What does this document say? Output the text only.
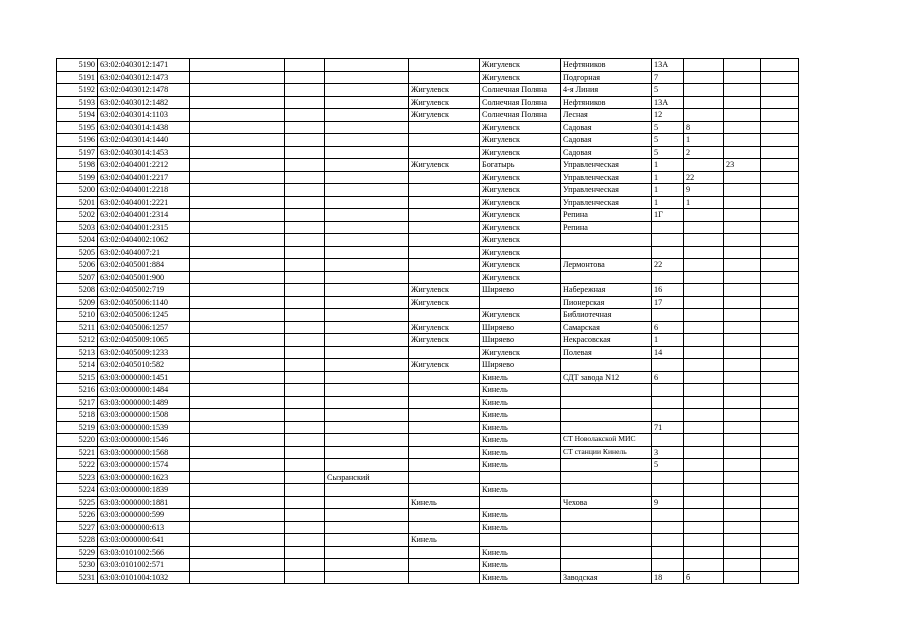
5190	63:02:0403012:1471					Жигулевск	Нефтяников	13А			
5191	63:02:0403012:1473					Жигулевск	Подгорная	7			
5192	63:02:0403012:1478				Жигулевск	Солнечная Поляна	4-я Линия	5			
5193	63:02:0403012:1482				Жигулевск	Солнечная Поляна	Нефтяников	13А			
5194	63:02:0403014:1103				Жигулевск	Солнечная Поляна	Лесная	12			
5195	63:02:0403014:1438					Жигулевск	Садовая	5	8		
5196	63:02:0403014:1440					Жигулевск	Садовая	5	1		
5197	63:02:0403014:1453					Жигулевск	Садовая	5	2		
5198	63:02:0404001:2212				Жигулевск	Богатырь	Управленческая	1		23	
5199	63:02:0404001:2217					Жигулевск	Управленческая	1	22		
5200	63:02:0404001:2218					Жигулевск	Управленческая	1	9		
5201	63:02:0404001:2221					Жигулевск	Управленческая	1	1		
5202	63:02:0404001:2314					Жигулевск	Репина	1Г			
5203	63:02:0404001:2315					Жигулевск	Репина				
5204	63:02:0404002:1062					Жигулевск					
5205	63:02:0404007:21					Жигулевск					
5206	63:02:0405001:884					Жигулевск	Лермонтова	22			
5207	63:02:0405001:900					Жигулевск					
5208	63:02:0405002:719				Жигулевск	Ширяево	Набережная	16			
5209	63:02:0405006:1140				Жигулевск		Пионерская	17			
5210	63:02:0405006:1245					Жигулевск	Библиотечная				
5211	63:02:0405006:1257				Жигулевск	Ширяево	Самарская	6			
5212	63:02:0405009:1065				Жигулевск	Ширяево	Некрасовская	1			
5213	63:02:0405009:1233					Жигулевск	Полевая	14			
5214	63:02:0405010:582				Жигулевск	Ширяево					
5215	63:03:0000000:1451					Кинель	СДТ завода N12	6			
5216	63:03:0000000:1484					Кинель					
5217	63:03:0000000:1489					Кинель					
5218	63:03:0000000:1508					Кинель					
5219	63:03:0000000:1539					Кинель		71			
5220	63:03:0000000:1546					Кинель	СТ Новолакской МИС				
5221	63:03:0000000:1568					Кинель	СТ станции Кинель	3			
5222	63:03:0000000:1574					Кинель		5			
5223	63:03:0000000:1623			Сызранский							
5224	63:03:0000000:1839					Кинель					
5225	63:03:0000000:1881				Кинель		Чехова	9			
5226	63:03:0000000:599					Кинель					
5227	63:03:0000000:613					Кинель					
5228	63:03:0000000:641				Кинель						
5229	63:03:0101002:566					Кинель					
5230	63:03:0101002:571					Кинель					
5231	63:03:0101004:1032					Кинель	Заводская	18	б		
